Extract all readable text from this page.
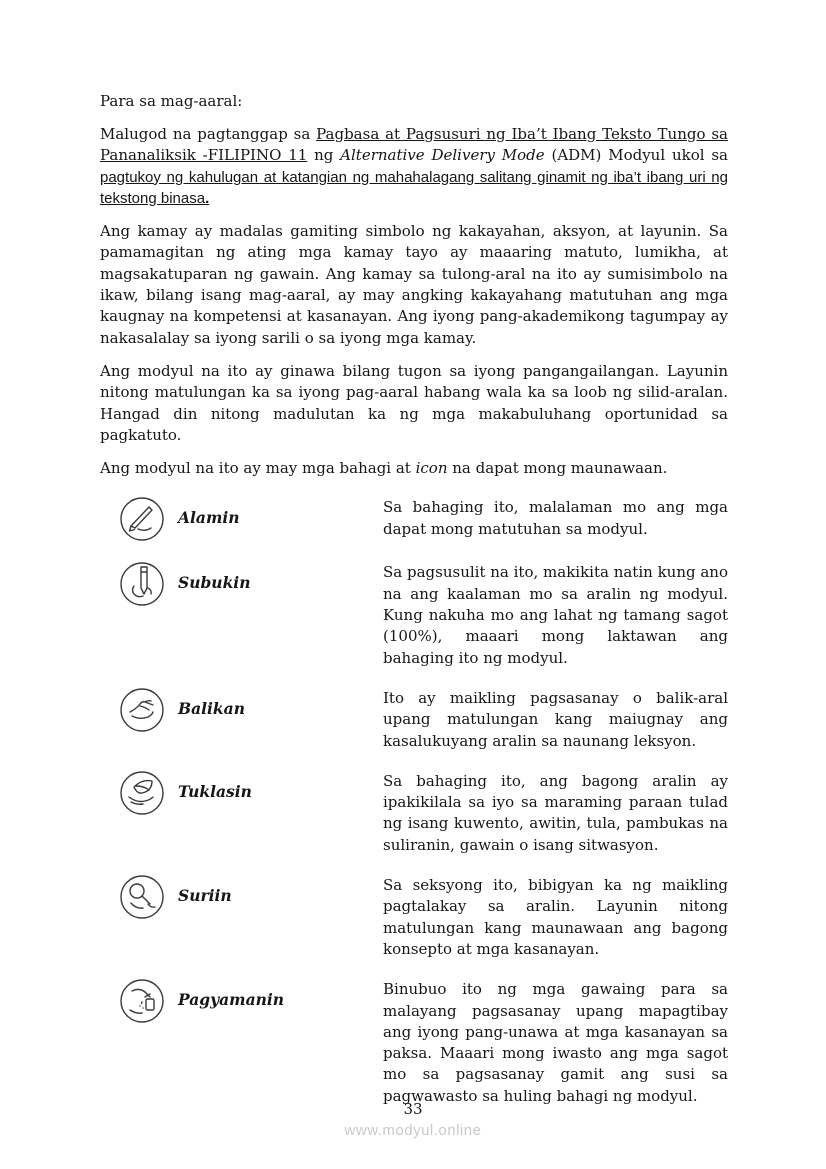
Para sa mag-aaral:

Malugod na pagtanggap sa Pagbasa at Pagsusuri ng Iba’t Ibang Teksto Tungo sa Pananaliksik -FILIPINO 11 ng Alternative Delivery Mode (ADM) Modyul ukol sa pagtukoy ng kahulugan at katangian ng mahahalagang salitang ginamit ng iba’t ibang uri ng tekstong binasa.

Ang kamay ay madalas gamiting simbolo ng kakayahan, aksyon, at layunin. Sa pamamagitan ng ating mga kamay tayo ay maaaring matuto, lumikha, at magsakatuparan ng gawain. Ang kamay sa tulong-aral na ito ay sumisimbolo na ikaw, bilang isang mag-aaral, ay may angking kakayahang matutuhan ang mga kaugnay na kompetensi at kasanayan. Ang iyong pang-akademikong tagumpay ay nakasalalay sa iyong sarili o sa iyong mga kamay.

Ang modyul na ito ay ginawa bilang tugon sa iyong pangangailangan. Layunin nitong matulungan ka sa iyong pag-aaral habang wala ka sa loob ng silid-aralan. Hangad din nitong madulutan ka ng mga makabuluhang oportunidad sa pagkatuto.

Ang modyul na ito ay may mga bahagi at icon na dapat mong maunawaan.

Alamin
Sa bahaging ito, malalaman mo ang mga dapat mong matutuhan sa modyul.
Subukin
Sa pagsusulit na ito, makikita natin kung ano na ang kaalaman mo sa aralin ng modyul. Kung nakuha mo ang lahat ng tamang sagot (100%), maaari mong laktawan ang bahaging ito ng modyul.
Balikan
Ito ay maikling pagsasanay o balik-aral upang matulungan kang maiugnay ang kasalukuyang aralin sa naunang leksyon.
Tuklasin
Sa bahaging ito, ang bagong aralin ay ipakikilala sa iyo sa maraming paraan tulad ng isang kuwento, awitin, tula, pambukas na suliranin, gawain o isang sitwasyon.
Suriin
Sa seksyong ito, bibigyan ka ng maikling pagtalakay sa aralin. Layunin nitong matulungan kang maunawaan ang bagong konsepto at mga kasanayan.
Pagyamanin
Binubuo ito ng mga gawaing para sa malayang pagsasanay upang mapagtibay ang iyong pang-unawa at mga kasanayan sa paksa. Maaari mong iwasto ang mga sagot mo sa pagsasanay gamit ang susi sa pagwawasto sa huling bahagi ng modyul.
33
www.modyul.online
